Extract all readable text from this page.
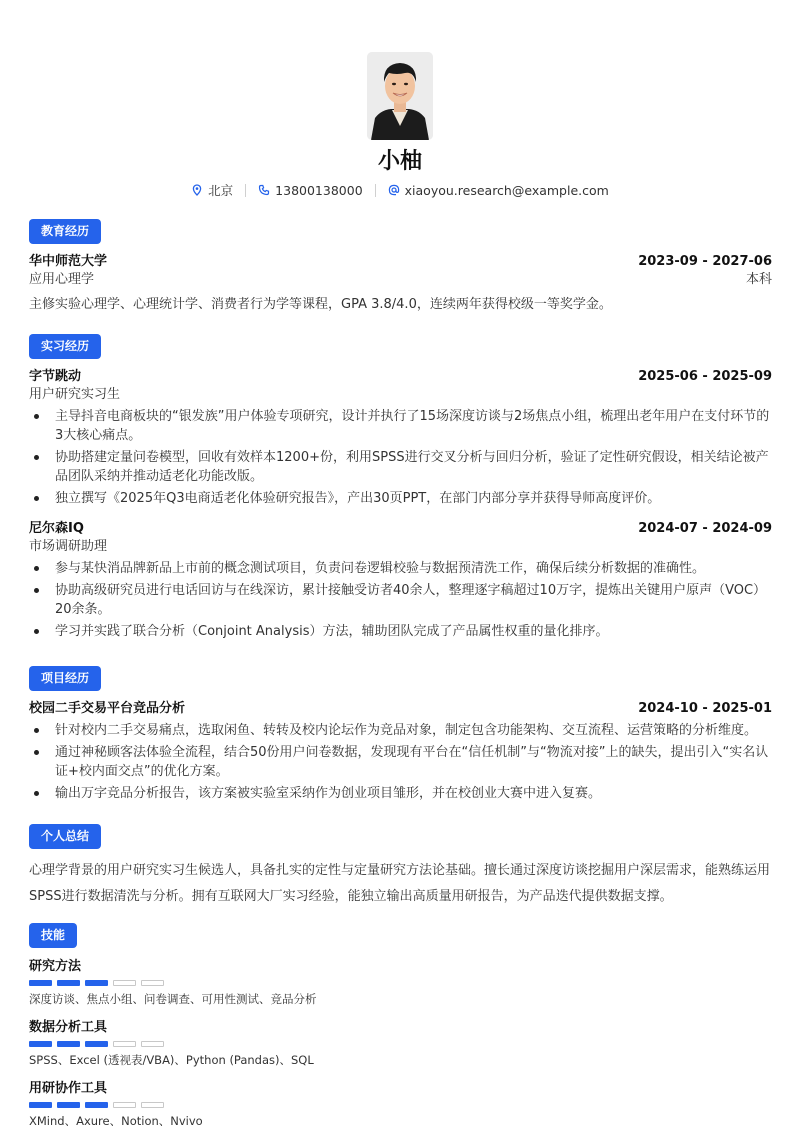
小柚
北京	13800138000	xiaoyou.research@example.com
教育经历
华中师范大学	2023-09 - 2027-06
应用心理学	本科
主修实验心理学、心理统计学、消费者行为学等课程，GPA 3.8/4.0，连续两年获得校级一等奖学金。
实习经历
字节跳动	2025-06 - 2025-09
用户研究实习生
主导抖音电商板块的“银发族”用户体验专项研究，设计并执行了15场深度访谈与2场焦点小组，梳理出老年用户在支付环节的3大核心痛点。
协助搭建定量问卷模型，回收有效样本1200+份，利用SPSS进行交叉分析与回归分析，验证了定性研究假设，相关结论被产品团队采纳并推动适老化功能改版。
独立撰写《2025年Q3电商适老化体验研究报告》，产出30页PPT，在部门内部分享并获得导师高度评价。
尼尔森IQ	2024-07 - 2024-09
市场调研助理
参与某快消品牌新品上市前的概念测试项目，负责问卷逻辑校验与数据预清洗工作，确保后续分析数据的准确性。
协助高级研究员进行电话回访与在线深访，累计接触受访者40余人，整理逐字稿超过10万字，提炼出关键用户原声（VOC）20余条。
学习并实践了联合分析（Conjoint Analysis）方法，辅助团队完成了产品属性权重的量化排序。
项目经历
校园二手交易平台竞品分析	2024-10 - 2025-01
针对校内二手交易痛点，选取闲鱼、转转及校内论坛作为竞品对象，制定包含功能架构、交互流程、运营策略的分析维度。
通过神秘顾客法体验全流程，结合50份用户问卷数据，发现现有平台在“信任机制”与“物流对接”上的缺失，提出引入“实名认证+校内面交点”的优化方案。
输出万字竞品分析报告，该方案被实验室采纳作为创业项目雏形，并在校创业大赛中进入复赛。
个人总结
心理学背景的用户研究实习生候选人，具备扎实的定性与定量研究方法论基础。擅长通过深度访谈挖掘用户深层需求，能熟练运用SPSS进行数据清洗与分析。拥有互联网大厂实习经验，能独立输出高质量用研报告，为产品迭代提供数据支撑。
技能
研究方法
深度访谈、焦点小组、问卷调查、可用性测试、竞品分析
数据分析工具
SPSS、Excel (透视表/VBA)、Python (Pandas)、SQL
用研协作工具
XMind、Axure、Notion、Nvivo
